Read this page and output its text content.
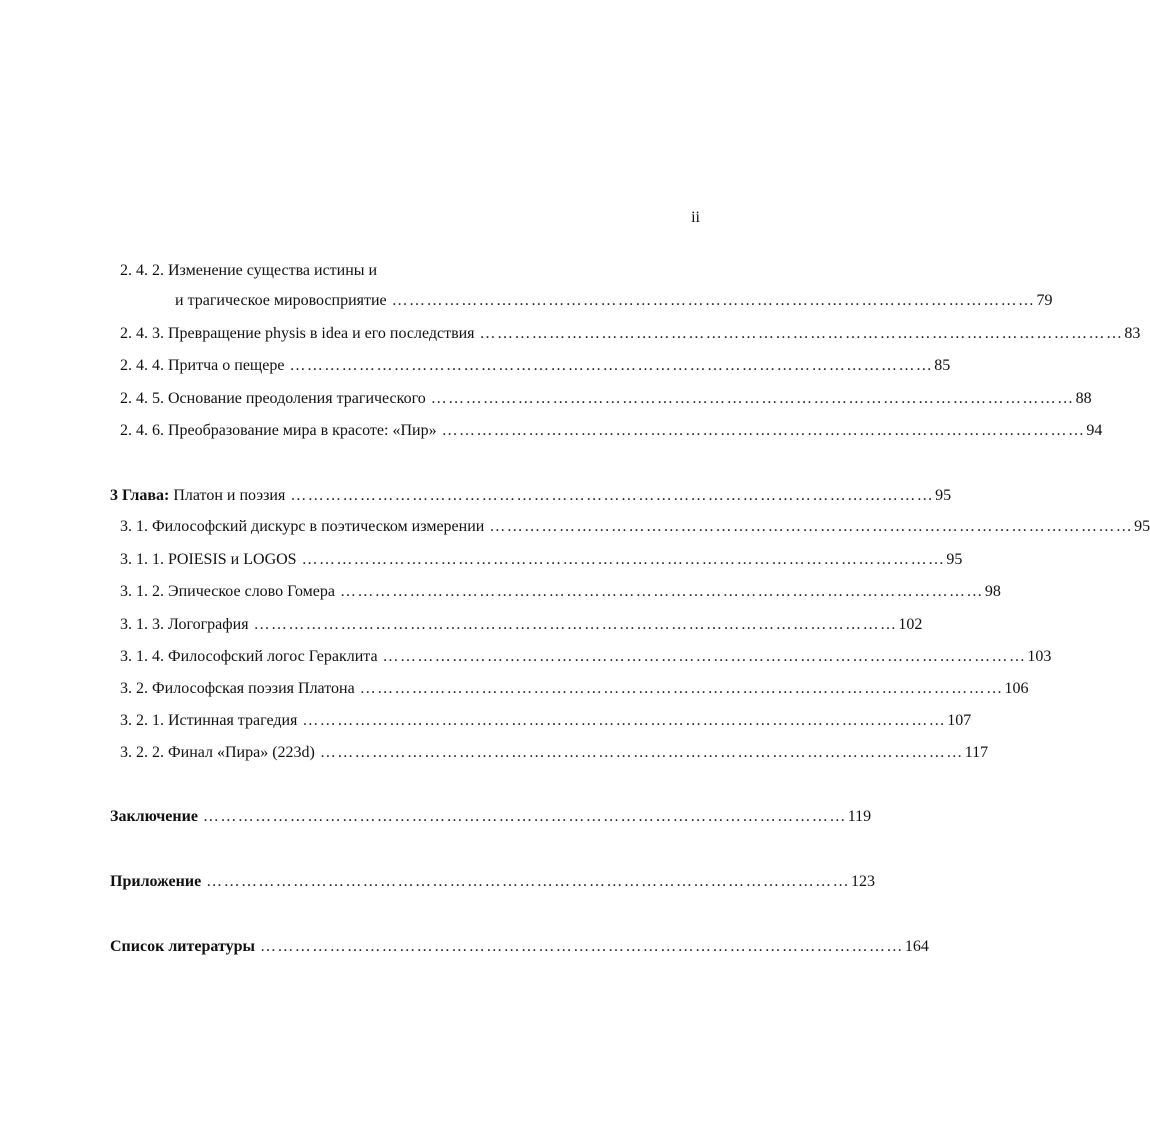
ii
2. 4. 2. Изменение существа истины и
и трагическое мировосприятие ………………………………………………………………………………………………… 79
2. 4. 3. Превращение physis в idea и его последствия ………………………………………………………………………………………………… 83
2. 4. 4. Притча о пещере ………………………………………………………………………………………………… 85
2. 4. 5. Основание преодоления трагического ………………………………………………………………………………………………… 88
2. 4. 6. Преобразование мира в красоте: «Пир» ………………………………………………………………………………………………… 94
3 Глава: Платон и поэзия ………………………………………………………………………………………………… 95
3. 1. Философский дискурс в поэтическом измерении ………………………………………………………………………………………………… 95
3. 1. 1. POIESIS и LOGOS ………………………………………………………………………………………………… 95
3. 1. 2. Эпическое слово Гомера ………………………………………………………………………………………………… 98
3. 1. 3. Логография ………………………………………………………………………………………………… 102
3. 1. 4. Философский логос Гераклита ………………………………………………………………………………………………… 103
3. 2. Философская поэзия Платона ………………………………………………………………………………………………… 106
3. 2. 1. Истинная трагедия ………………………………………………………………………………………………… 107
3. 2. 2. Финал «Пира» (223d) ………………………………………………………………………………………………… 117
Заключение ………………………………………………………………………………………………… 119
Приложение ………………………………………………………………………………………………… 123
Список литературы ………………………………………………………………………………………………… 164
